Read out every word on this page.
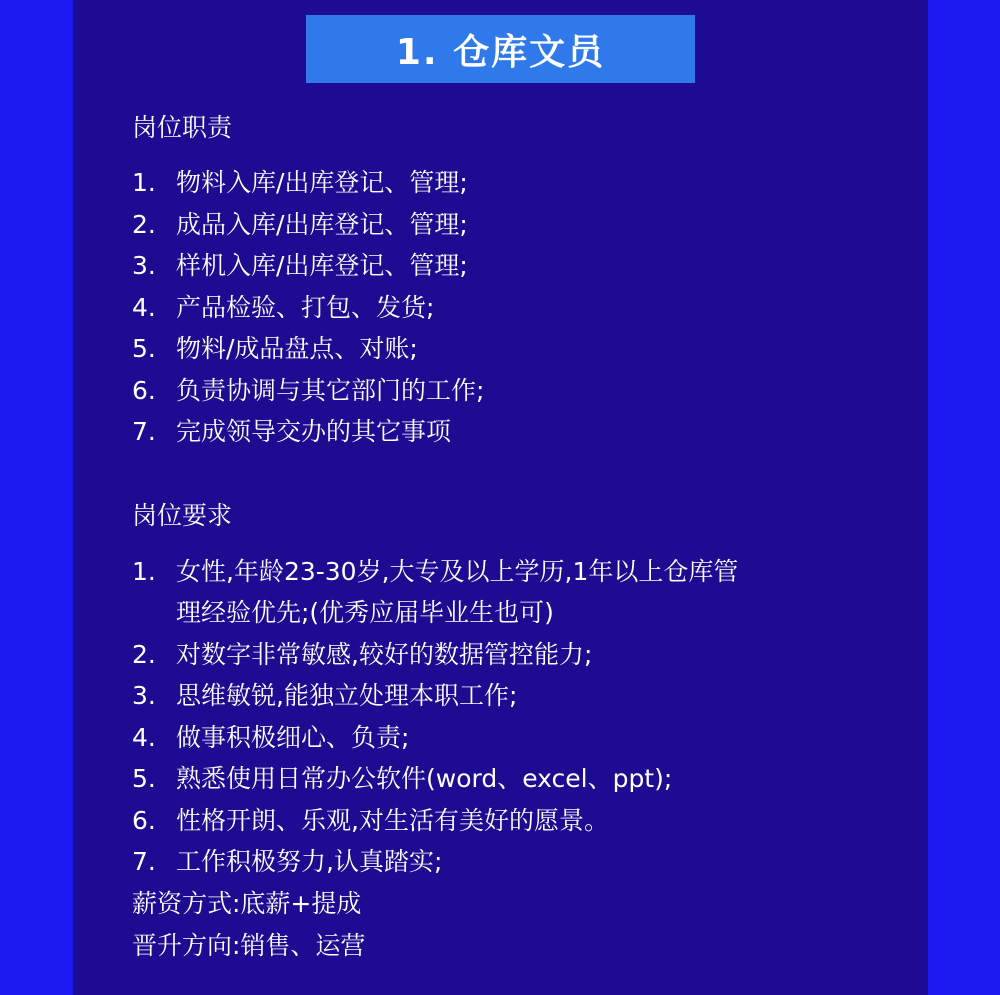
1. 仓库文员
岗位职责
1. 物料入库/出库登记、管理;
2. 成品入库/出库登记、管理;
3. 样机入库/出库登记、管理;
4. 产品检验、打包、发货;
5. 物料/成品盘点、对账;
6. 负责协调与其它部门的工作;
7. 完成领导交办的其它事项
岗位要求
1. 女性,年龄23-30岁,大专及以上学历,1年以上仓库管
理经验优先;(优秀应届毕业生也可)
2. 对数字非常敏感,较好的数据管控能力;
3. 思维敏锐,能独立处理本职工作;
4. 做事积极细心、负责;
5. 熟悉使用日常办公软件(word、excel、ppt);
6. 性格开朗、乐观,对生活有美好的愿景。
7. 工作积极努力,认真踏实;
薪资方式:底薪+提成
晋升方向:销售、运营
